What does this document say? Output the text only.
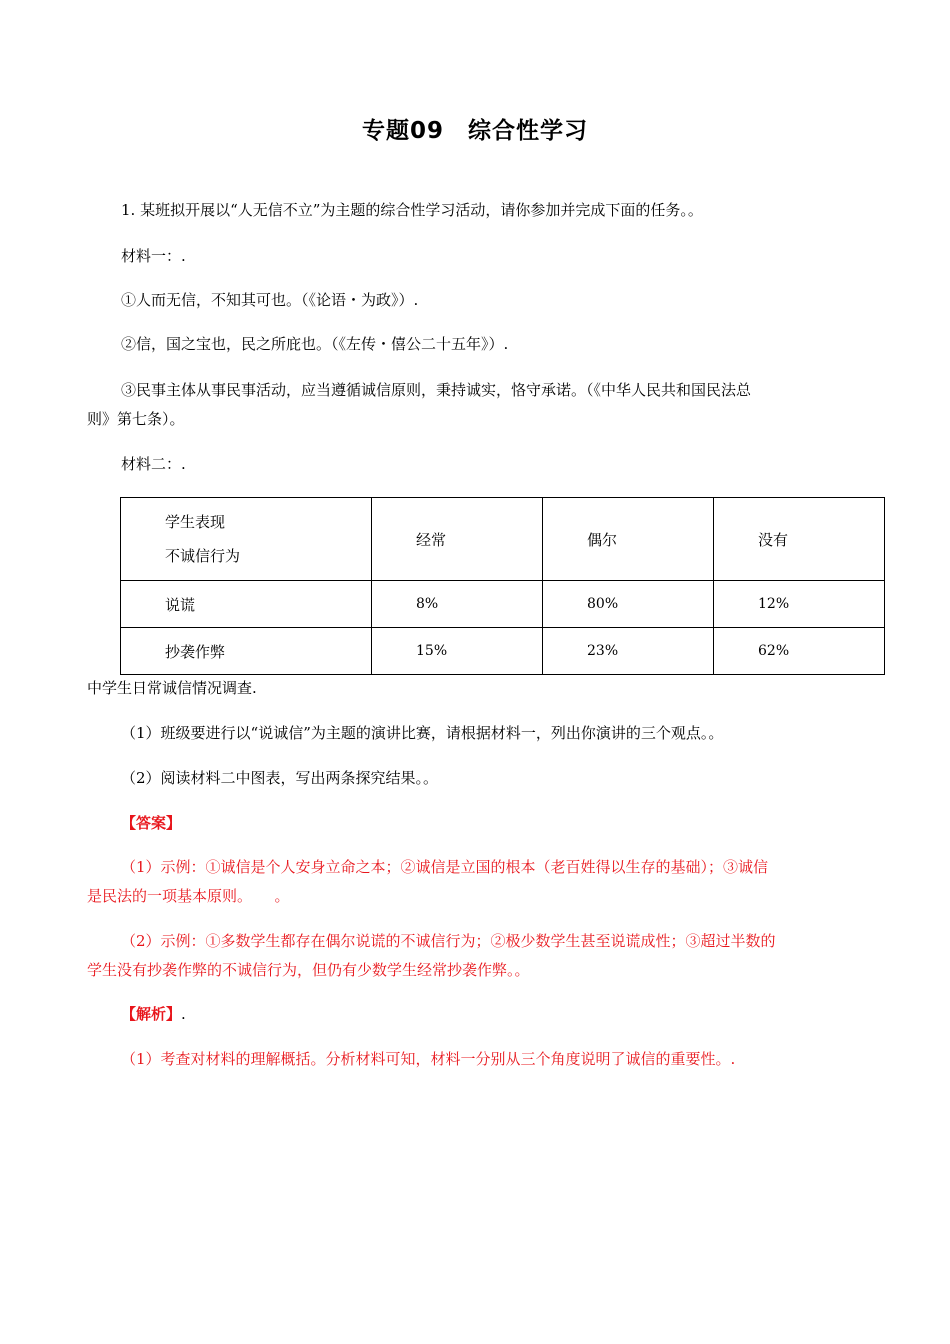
专题09　综合性学习
1. 某班拟开展以“人无信不立”为主题的综合性学习活动，请你参加并完成下面的任务。。
材料一：.
①人而无信，不知其可也。（《论语・为政》）.
②信，国之宝也，民之所庇也。（《左传・僖公二十五年》）.
③民事主体从事民事活动，应当遵循诚信原则，秉持诚实，恪守承诺。（《中华人民共和国民法总
则》第七条）。
材料二：.
学生表现
不诚信行为	经常	偶尔	没有
说谎	8%	80%	12%
抄袭作弊	15%	23%	62%
中学生日常诚信情况调查.
（1）班级要进行以“说诚信”为主题的演讲比赛，请根据材料一，列出你演讲的三个观点。。
（2）阅读材料二中图表，写出两条探究结果。。
【答案】
（1）示例：①诚信是个人安身立命之本；②诚信是立国的根本（老百姓得以生存的基础）；③诚信
是民法的一项基本原则。　　。
（2）示例：①多数学生都存在偶尔说谎的不诚信行为；②极少数学生甚至说谎成性；③超过半数的
学生没有抄袭作弊的不诚信行为，但仍有少数学生经常抄袭作弊。。
【解析】.
（1）考查对材料的理解概括。分析材料可知，材料一分别从三个角度说明了诚信的重要性。.
